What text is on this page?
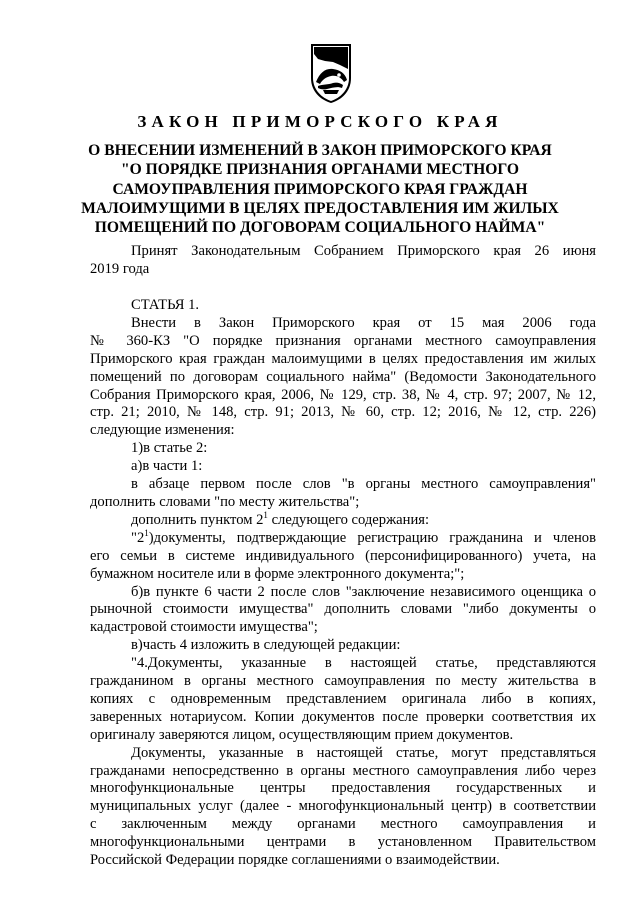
ЗАКОН ПРИМОРСКОГО КРАЯ
О ВНЕСЕНИИ ИЗМЕНЕНИЙ В ЗАКОН ПРИМОРСКОГО КРАЯ
"О ПОРЯДКЕ ПРИЗНАНИЯ ОРГАНАМИ МЕСТНОГО
САМОУПРАВЛЕНИЯ ПРИМОРСКОГО КРАЯ ГРАЖДАН
МАЛОИМУЩИМИ В ЦЕЛЯХ ПРЕДОСТАВЛЕНИЯ ИМ ЖИЛЫХ
ПОМЕЩЕНИЙ ПО ДОГОВОРАМ СОЦИАЛЬНОГО НАЙМА"

Принят Законодательным Собранием Приморского края 26 июня
2019 года

СТАТЬЯ 1.

Внести в Закон Приморского края от 15 мая 2006 года
№ 360-КЗ "О порядке признания органами местного самоуправления
Приморского края граждан малоимущими в целях предоставления им жилых
помещений по договорам социального найма" (Ведомости Законодательного
Собрания Приморского края, 2006, № 129, стр. 38, № 4, стр. 97; 2007, № 12,
стр. 21; 2010, № 148, стр. 91; 2013, № 60, стр. 12; 2016, № 12, стр. 226)
следующие изменения:

1)в статье 2:

а)в части 1:

в абзаце первом после слов "в органы местного самоуправления"
дополнить словами "по месту жительства";

дополнить пунктом $2^1$ следующего содержания:

"$2^1)документы$, подтверждающие регистрацию гражданина и членов
его семьи в системе индивидуального (персонифицированного) учета, на
бумажном носителе или в форме электронного документа;";

б)в пункте 6 части 2 после слов "заключение независимого оценщика о
рыночной стоимости имущества" дополнить словами "либо документы о
кадастровой стоимости имущества";

в)часть 4 изложить в следующей редакции:

"4.Документы, указанные в настоящей статье, представляются
гражданином в органы местного самоуправления по месту жительства в
копиях с одновременным представлением оригинала либо в копиях,
заверенных нотариусом. Копии документов после проверки соответствия их
оригиналу заверяются лицом, осуществляющим прием документов.

Документы, указанные в настоящей статье, могут представляться
гражданами непосредственно в органы местного самоуправления либо через
многофункциональные центры предоставления государственных и
муниципальных услуг (далее - многофункциональный центр) в соответствии
с заключенным между органами местного самоуправления и
многофункциональными центрами в установленном Правительством
Российской Федерации порядке соглашениями о взаимодействии.
